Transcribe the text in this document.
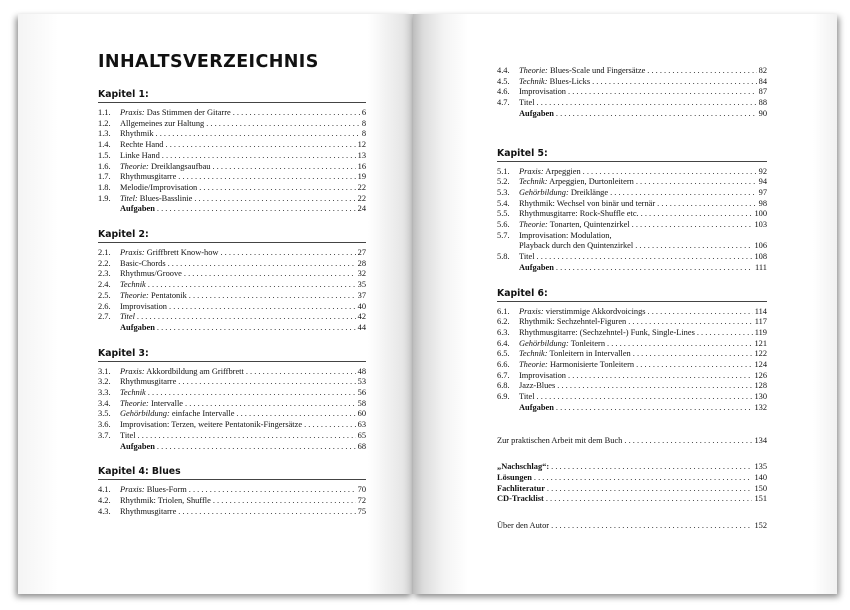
INHALTSVERZEICHNIS
Kapitel 1:
1.1.	Praxis: Das Stimmen der Gitarre . . .	6
1.2.	Allgemeines zur Haltung . . .	8
1.3.	Rhythmik . . .	8
1.4.	Rechte Hand . . .	12
1.5.	Linke Hand . . .	13
1.6.	Theorie: Dreiklangsaufbau . . .	16
1.7.	Rhythmusgitarre . . .	19
1.8.	Melodie/Improvisation . . .	22
1.9.	Titel: Blues-Basslinie . . .	22
Aufgaben . . .	24
Kapitel 2:
2.1.	Praxis: Griffbrett Know-how . . .	27
2.2.	Basic-Chords . . .	28
2.3.	Rhythmus/Groove . . .	32
2.4.	Technik . . .	35
2.5.	Theorie: Pentatonik . . .	37
2.6.	Improvisation . . .	40
2.7.	Titel . . .	42
Aufgaben . . .	44
Kapitel 3:
3.1.	Praxis: Akkordbildung am Griffbrett . . .	48
3.2.	Rhythmusgitarre . . .	53
3.3.	Technik . . .	56
3.4.	Theorie: Intervalle . . .	58
3.5.	Gehörbildung: einfache Intervalle . . .	60
3.6.	Improvisation: Terzen, weitere Pentatonik-Fingersätze . . .	63
3.7.	Titel . . .	65
Aufgaben . . .	68
Kapitel 4: Blues
4.1.	Praxis: Blues-Form . . .	70
4.2.	Rhythmik: Triolen, Shuffle . . .	72
4.3.	Rhythmusgitarre . . .	75
4.4.	Theorie: Blues-Scale und Fingersätze . . .	82
4.5.	Technik: Blues-Licks . . .	84
4.6.	Improvisation . . .	87
4.7.	Titel . . .	88
Aufgaben . . .	90
Kapitel 5:
5.1.	Praxis: Arpeggien . . .	92
5.2.	Technik: Arpeggien, Durtonleitern . . .	94
5.3.	Gehörbildung: Dreiklänge . . .	97
5.4.	Rhythmik: Wechsel von binär und ternär . . .	98
5.5.	Rhythmusgitarre: Rock-Shuffle etc. . . .	100
5.6.	Theorie: Tonarten, Quintenzirkel . . .	103
5.7.	Improvisation: Modulation,
Playback durch den Quintenzirkel . . .	106
5.8.	Titel . . .	108
Aufgaben . . .	111
Kapitel 6:
6.1.	Praxis: vierstimmige Akkordvoicings . . .	114
6.2.	Rhythmik: Sechzehntel-Figuren . . .	117
6.3.	Rhythmusgitarre: (Sechzehntel-) Funk, Single-Lines . . .	119
6.4.	Gehörbildung: Tonleitern . . .	121
6.5.	Technik: Tonleitern in Intervallen . . .	122
6.6.	Theorie: Harmonisierte Tonleitern . . .	124
6.7.	Improvisation . . .	126
6.8.	Jazz-Blues . . .	128
6.9.	Titel . . .	130
Aufgaben . . .	132
Zur praktischen Arbeit mit dem Buch . . .	134
„Nachschlag“: . . .	135
Lösungen . . .	140
Fachliteratur . . .	150
CD-Tracklist . . .	151
Über den Autor . . .	152
